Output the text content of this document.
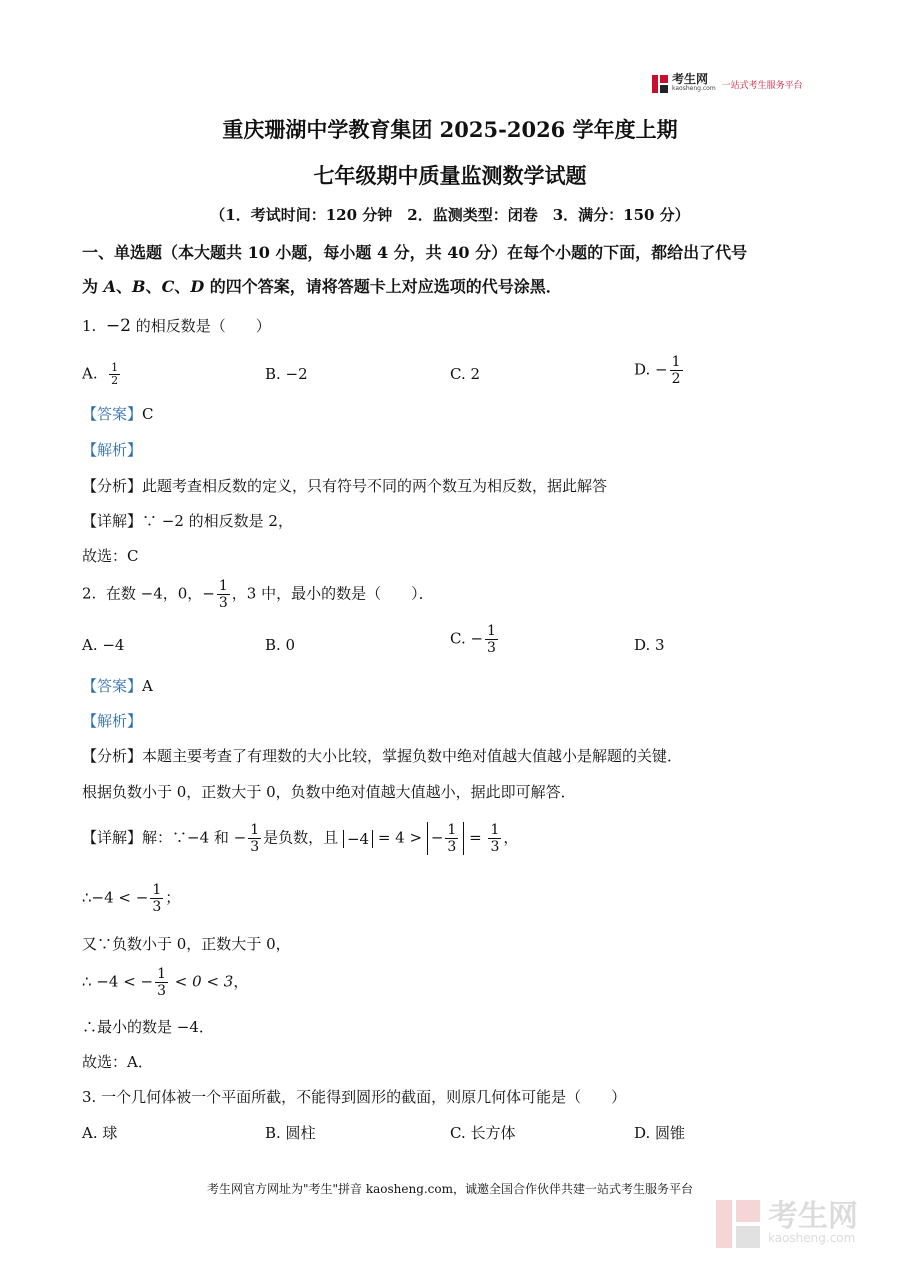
考生网
kaosheng.com 一站式考生服务平台
重庆珊湖中学教育集团 2025-2026 学年度上期
七年级期中质量监测数学试题
（1．考试时间：120 分钟　2．监测类型：闭卷　3．满分：150 分）
一、单选题（本大题共 10 小题，每小题 4 分，共 40 分）在每个小题的下面，都给出了代号
为 A、B、C、D 的四个答案，请将答题卡上对应选项的代号涂黑．
1. −2 的相反数是（　　）
A. $\frac{1}{2}$	B. −2	C. 2	D. − $\frac{1}{2}$
【答案】C
【解析】
【分析】此题考查相反数的定义，只有符号不同的两个数互为相反数，据此解答
【详解】∵ −2 的相反数是 2，
故选：C
2. 在数 −4，0，− $\frac{1}{3}$ ，3 中，最小的数是（　　）．
A. −4	B. 0	C. − $\frac{1}{3}$	D. 3
【答案】A
【解析】
【分析】本题主要考查了有理数的大小比较，掌握负数中绝对值越大值越小是解题的关键．
根据负数小于 0，正数大于 0，负数中绝对值越大值越小，据此即可解答．
【详解】解：∵−4 和 − $\frac{1}{3}$ 是负数，且 −4 = 4 > − $\frac{1}{3} = \frac{1}{3}$ ，
∴−4 < − $\frac{1}{3}$ ；
又∵负数小于 0，正数大于 0，
∴ −4 < − $\frac{1}{3} < 0 < 3$，
∴最小的数是 −4．
故选：A．
3. 一个几何体被一个平面所截，不能得到圆形的截面，则原几何体可能是（　　）
A. 球	B. 圆柱	C. 长方体	D. 圆锥
考生网官方网址为"考生"拼音 kaosheng.com，诚邀全国合作伙伴共建一站式考生服务平台
考生网
kaosheng.com
